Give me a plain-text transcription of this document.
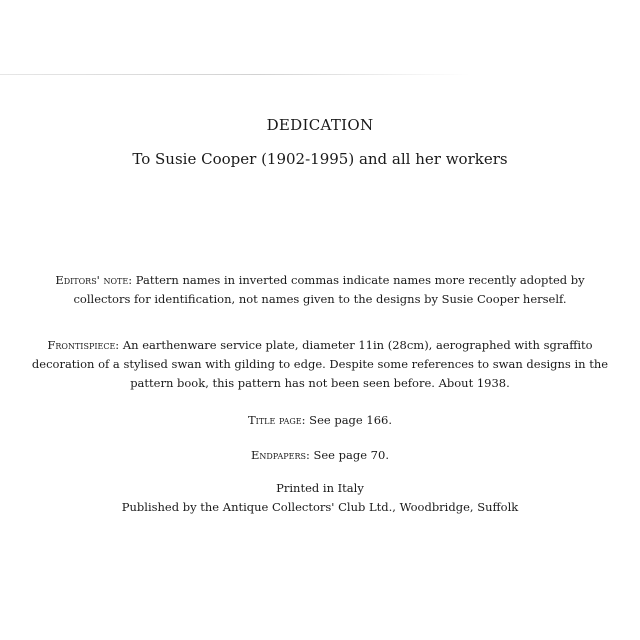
DEDICATION
To Susie Cooper (1902-1995) and all her workers
Editors' note: Pattern names in inverted commas indicate names more recently adopted by
collectors for identification, not names given to the designs by Susie Cooper herself.
Frontispiece: An earthenware service plate, diameter 11in (28cm), aerographed with sgraffito
decoration of a stylised swan with gilding to edge. Despite some references to swan designs in the
pattern book, this pattern has not been seen before. About 1938.
Title page: See page 166.
Endpapers: See page 70.
Printed in Italy
Published by the Antique Collectors' Club Ltd., Woodbridge, Suffolk
